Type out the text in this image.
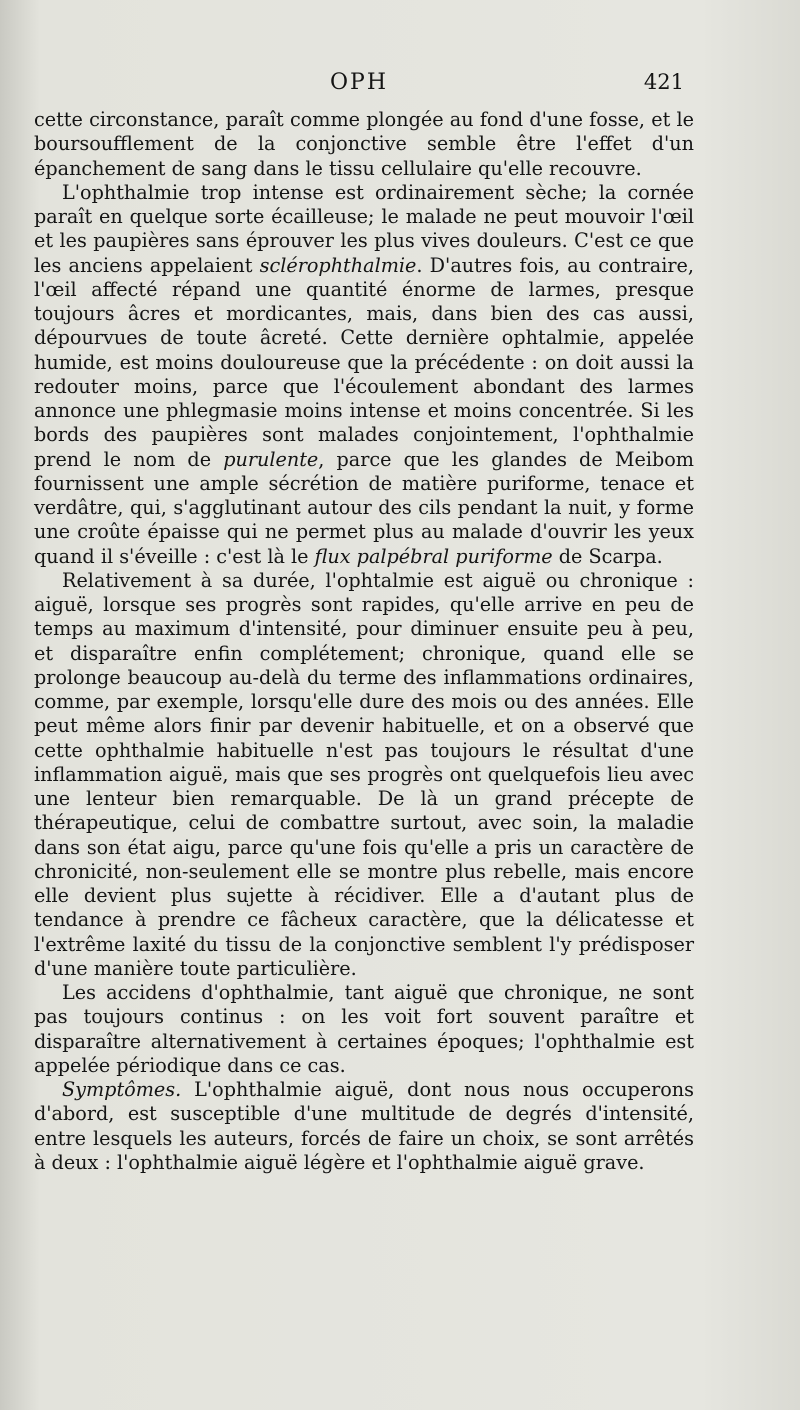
OPH	421

cette circonstance, paraît comme plongée au fond d'une fosse, et le boursoufflement de la conjonctive semble être l'effet d'un épanchement de sang dans le tissu cellulaire qu'elle recouvre.

L'ophthalmie trop intense est ordinairement sèche; la cornée paraît en quelque sorte écailleuse; le malade ne peut mouvoir l'œil et les paupières sans éprouver les plus vives douleurs. C'est ce que les anciens appelaient sclérophthalmie. D'autres fois, au contraire, l'œil affecté répand une quantité énorme de larmes, presque toujours âcres et mordicantes, mais, dans bien des cas aussi, dépourvues de toute âcreté. Cette dernière ophtalmie, appelée humide, est moins douloureuse que la précédente : on doit aussi la redouter moins, parce que l'écoulement abondant des larmes annonce une phlegmasie moins intense et moins concentrée. Si les bords des paupières sont malades conjointement, l'ophthalmie prend le nom de purulente, parce que les glandes de Meibom fournissent une ample sécrétion de matière puriforme, tenace et verdâtre, qui, s'agglutinant autour des cils pendant la nuit, y forme une croûte épaisse qui ne permet plus au malade d'ouvrir les yeux quand il s'éveille : c'est là le flux palpébral puriforme de Scarpa.

Relativement à sa durée, l'ophtalmie est aiguë ou chronique : aiguë, lorsque ses progrès sont rapides, qu'elle arrive en peu de temps au maximum d'intensité, pour diminuer ensuite peu à peu, et disparaître enfin complétement; chronique, quand elle se prolonge beaucoup au-delà du terme des inflammations ordinaires, comme, par exemple, lorsqu'elle dure des mois ou des années. Elle peut même alors finir par devenir habituelle, et on a observé que cette ophthalmie habituelle n'est pas toujours le résultat d'une inflammation aiguë, mais que ses progrès ont quelquefois lieu avec une lenteur bien remarquable. De là un grand précepte de thérapeutique, celui de combattre surtout, avec soin, la maladie dans son état aigu, parce qu'une fois qu'elle a pris un caractère de chronicité, non-seulement elle se montre plus rebelle, mais encore elle devient plus sujette à récidiver. Elle a d'autant plus de tendance à prendre ce fâcheux caractère, que la délicatesse et l'extrême laxité du tissu de la conjonctive semblent l'y prédisposer d'une manière toute particulière.

Les accidens d'ophthalmie, tant aiguë que chronique, ne sont pas toujours continus : on les voit fort souvent paraître et disparaître alternativement à certaines époques; l'ophthalmie est appelée périodique dans ce cas.

Symptômes. L'ophthalmie aiguë, dont nous nous occuperons d'abord, est susceptible d'une multitude de degrés d'intensité, entre lesquels les auteurs, forcés de faire un choix, se sont arrêtés à deux : l'ophthalmie aiguë légère et l'ophthalmie aiguë grave.
